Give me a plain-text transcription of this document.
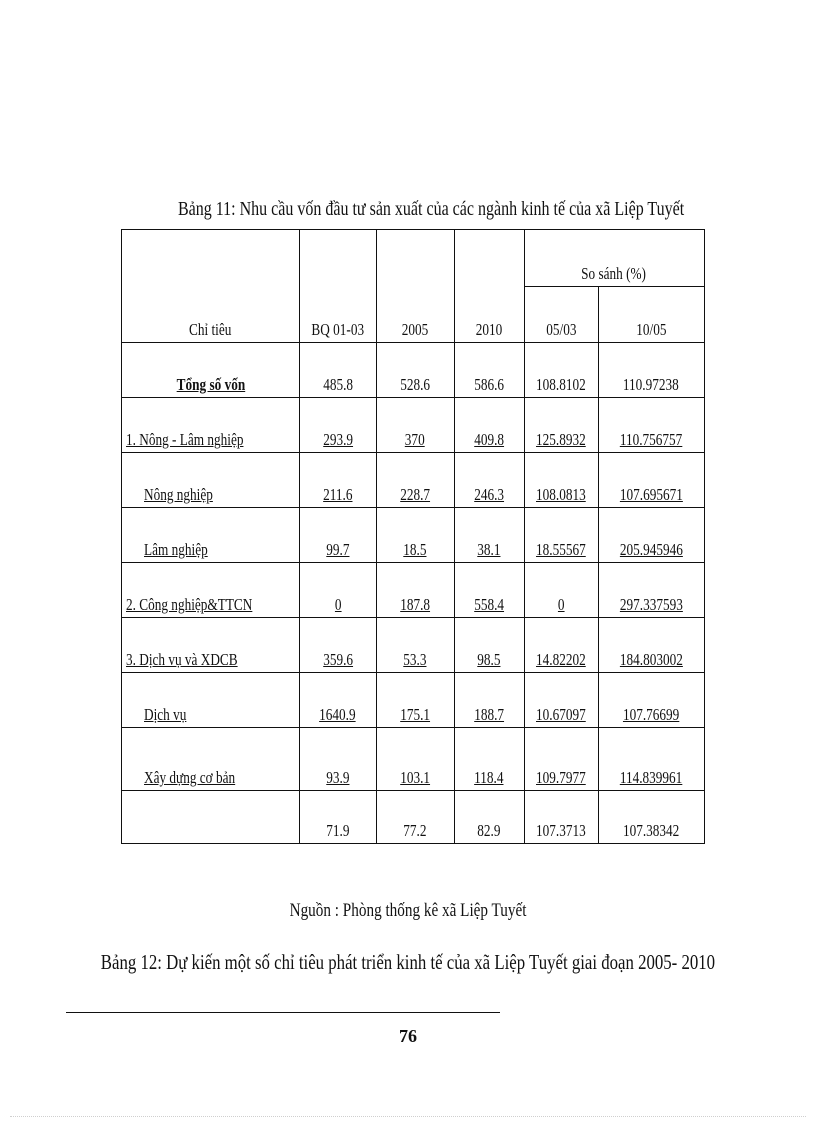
Bảng 11: Nhu cầu vốn đầu tư sản xuất của các ngành kinh tế của xã Liệp Tuyết
Chỉ tiêu	BQ 01-03	2005	2010	So sánh (%)	
				05/03	10/05
Tổng số vốn	485.8	528.6	586.6	108.8102	110.97238
1. Nông - Lâm nghiệp	293.9	370	409.8	125.8932	110.756757
Nông nghiệp	211.6	228.7	246.3	108.0813	107.695671
Lâm nghiệp	99.7	18.5	38.1	18.55567	205.945946
2. Công nghiệp&TTCN	0	187.8	558.4	0	297.337593
3. Dịch vụ và XDCB	359.6	53.3	98.5	14.82202	184.803002
Dịch vụ	1640.9	175.1	188.7	10.67097	107.76699
Xây dựng cơ bản	93.9	103.1	118.4	109.7977	114.839961
	71.9	77.2	82.9	107.3713	107.38342
Nguồn : Phòng thống kê xã Liệp Tuyết
Bảng 12: Dự kiến một số chỉ tiêu phát triển kinh tế của xã Liệp Tuyết giai đoạn 2005- 2010
76
